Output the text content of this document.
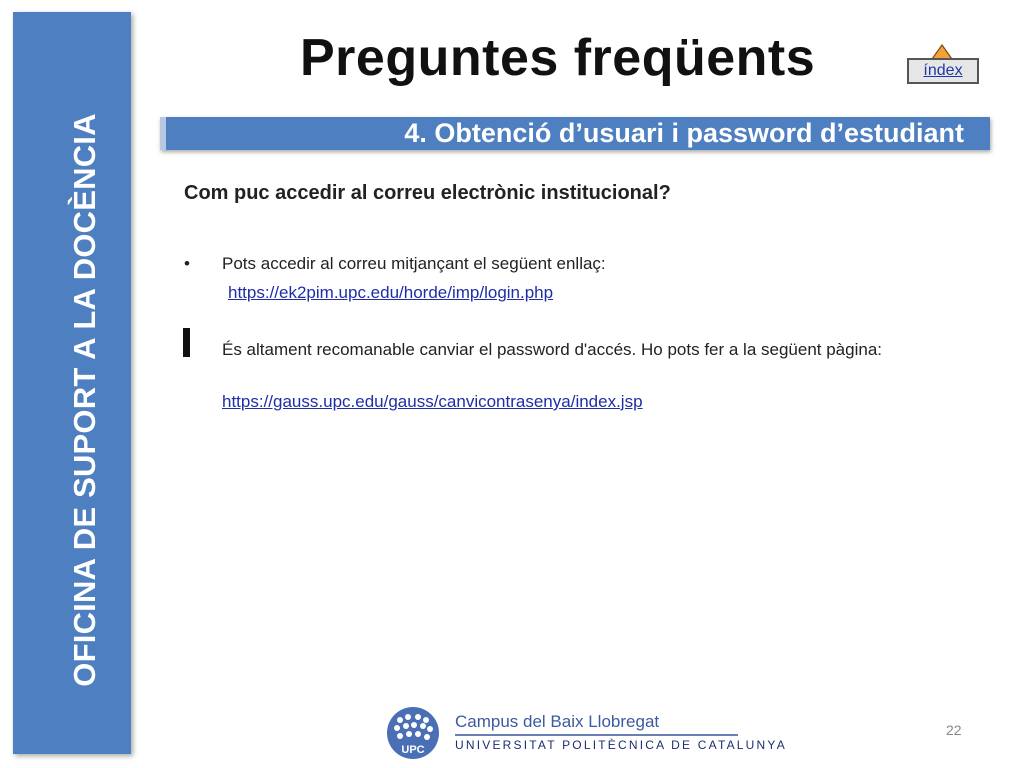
OFICINA DE SUPORT A LA DOCÈNCIA
Preguntes freqüents	índex
4. Obtenció d’usuari i password d’estudiant
Com puc accedir al correu electrònic institucional?
• Pots accedir al correu mitjançant el següent enllaç:
https://ek2pim.upc.edu/horde/imp/login.php
És altament recomanable canviar el password d'accés. Ho pots fer a la següent pàgina:
https://gauss.upc.edu/gauss/canvicontrasenya/index.jsp
UPC
Campus del Baix Llobregat
UNIVERSITAT POLITÈCNICA DE CATALUNYA
22
